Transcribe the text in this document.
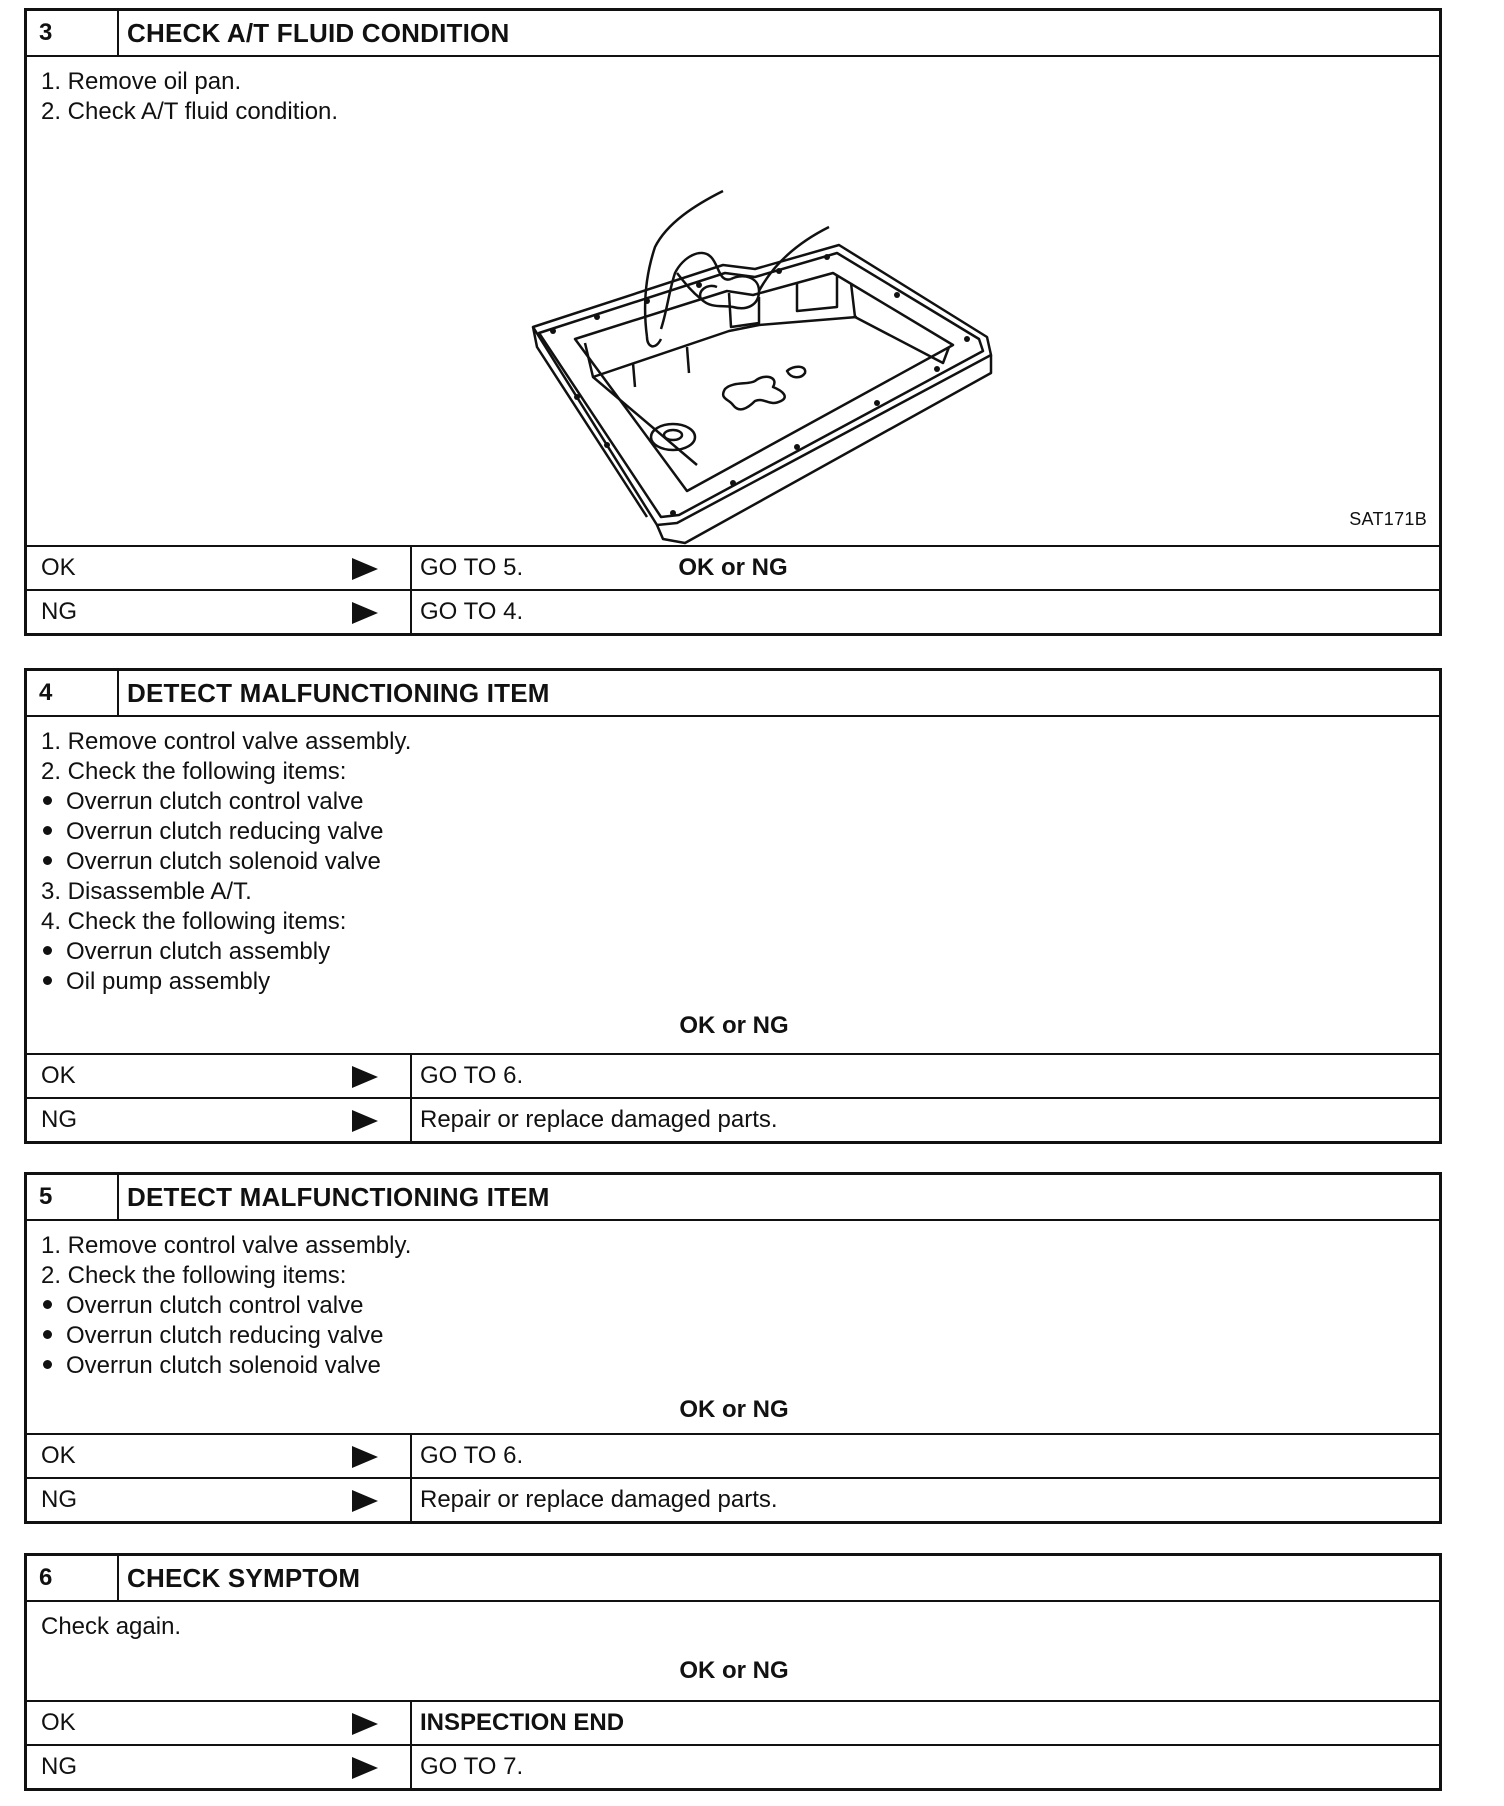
3	CHECK A/T FLUID CONDITION
1. Remove oil pan.
2. Check A/T fluid condition.
SAT171B
OK or NG
OK	GO TO 5.
NG	GO TO 4.
4	DETECT MALFUNCTIONING ITEM
1. Remove control valve assembly.
2. Check the following items:
Overrun clutch control valve
Overrun clutch reducing valve
Overrun clutch solenoid valve
3. Disassemble A/T.
4. Check the following items:
Overrun clutch assembly
Oil pump assembly
OK or NG
OK	GO TO 6.
NG	Repair or replace damaged parts.
5	DETECT MALFUNCTIONING ITEM
1. Remove control valve assembly.
2. Check the following items:
Overrun clutch control valve
Overrun clutch reducing valve
Overrun clutch solenoid valve
OK or NG
OK	GO TO 6.
NG	Repair or replace damaged parts.
6	CHECK SYMPTOM
Check again.
OK or NG
OK	INSPECTION END
NG	GO TO 7.
